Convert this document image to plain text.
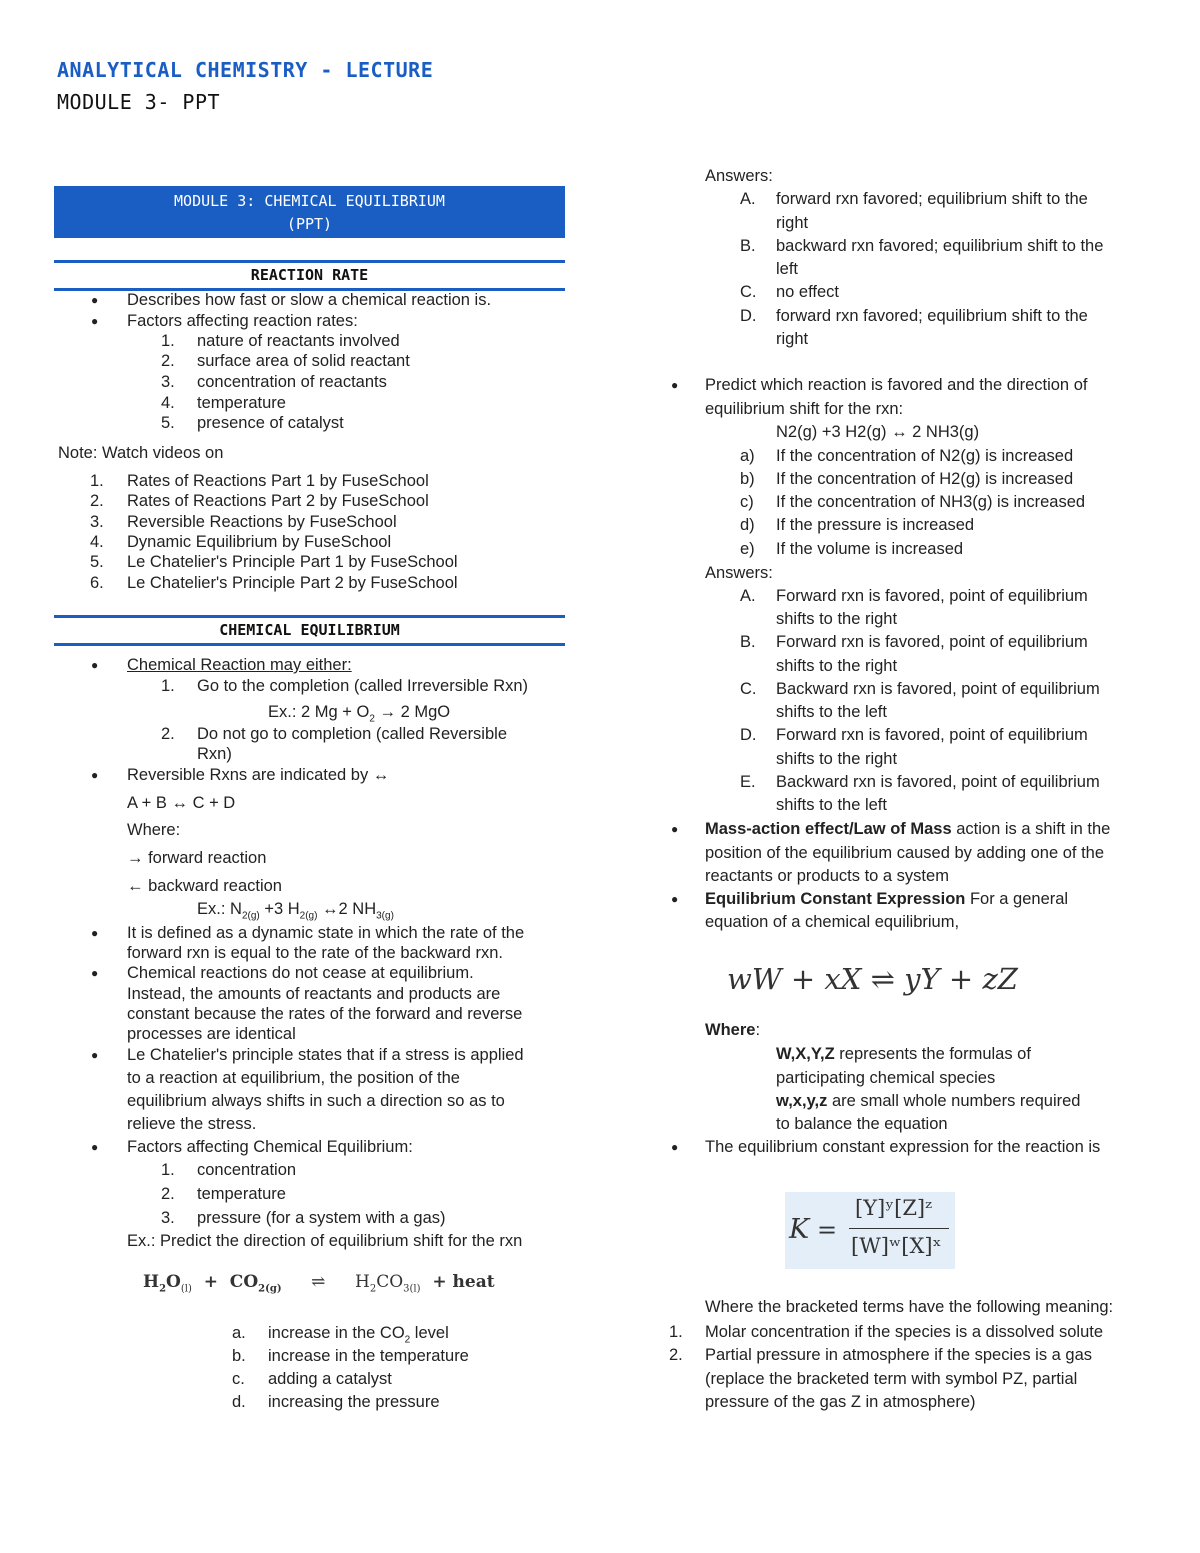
ANALYTICAL CHEMISTRY - LECTURE
MODULE 3- PPT
MODULE 3: CHEMICAL EQUILIBRIUM
(PPT)
REACTION RATE
● Describes how fast or slow a chemical reaction is.
● Factors affecting reaction rates:
1. nature of reactants involved
2. surface area of solid reactant
3. concentration of reactants
4. temperature
5. presence of catalyst
Note: Watch videos on
1. Rates of Reactions Part 1 by FuseSchool
2. Rates of Reactions Part 2 by FuseSchool
3. Reversible Reactions by FuseSchool
4. Dynamic Equilibrium by FuseSchool
5. Le Chatelier's Principle Part 1 by FuseSchool
6. Le Chatelier's Principle Part 2 by FuseSchool
CHEMICAL EQUILIBRIUM
● Chemical Reaction may either:
1. Go to the completion (called Irreversible Rxn)
Ex.: 2 $Mg + O_2 \to 2$ MgO
2. Do not go to completion (called Reversible
Rxn)
● Reversible Rxns are indicated by ↔
A + B ↔ C + D
Where:
→ forward reaction
← backward reaction
Ex.: $N_{2(g)} +3$ $H_{2(g)}$ ↔2 $NH_{3(g)}$
● It is defined as a dynamic state in which the rate of the
forward rxn is equal to the rate of the backward rxn.
● Chemical reactions do not cease at equilibrium.
Instead, the amounts of reactants and products are
constant because the rates of the forward and reverse
processes are identical
● Le Chatelier's principle states that if a stress is applied
to a reaction at equilibrium, the position of the
equilibrium always shifts in such a direction so as to
relieve the stress.
● Factors affecting Chemical Equilibrium:
1. concentration
2. temperature
3. pressure (for a system with a gas)
Ex.: Predict the direction of equilibrium shift for the rxn
$H_2O_{(l)} + CO_{2(g)}$ ⇌ $H_2CO_{3(l)}$ + heat
a. increase in the $CO_2$ level
b. increase in the temperature
c. adding a catalyst
d. increasing the pressure
Answers:
A. forward rxn favored; equilibrium shift to the
right
B. backward rxn favored; equilibrium shift to the
left
C. no effect
D. forward rxn favored; equilibrium shift to the
right
● Predict which reaction is favored and the direction of
equilibrium shift for the rxn:
N2(g) +3 H2(g) ↔ 2 NH3(g)
a) If the concentration of N2(g) is increased
b) If the concentration of H2(g) is increased
c) If the concentration of NH3(g) is increased
d) If the pressure is increased
e) If the volume is increased
Answers:
A. Forward rxn is favored, point of equilibrium
shifts to the right
B. Forward rxn is favored, point of equilibrium
shifts to the right
C. Backward rxn is favored, point of equilibrium
shifts to the left
D. Forward rxn is favored, point of equilibrium
shifts to the right
E. Backward rxn is favored, point of equilibrium
shifts to the left
● Mass-action effect/Law of Mass action is a shift in the
position of the equilibrium caused by adding one of the
reactants or products to a system
● Equilibrium Constant Expression For a general
equation of a chemical equilibrium,
wW + xX ⇌ yY + zZ
Where:
W,X,Y,Z represents the formulas of
participating chemical species
w,x,y,z are small whole numbers required
to balance the equation
● The equilibrium constant expression for the reaction is
K =
[Y]ʸ[Z]ᶻ
[W]ʷ[X]ˣ
Where the bracketed terms have the following meaning:
1. Molar concentration if the species is a dissolved solute
2. Partial pressure in atmosphere if the species is a gas
(replace the bracketed term with symbol PZ, partial
pressure of the gas Z in atmosphere)
